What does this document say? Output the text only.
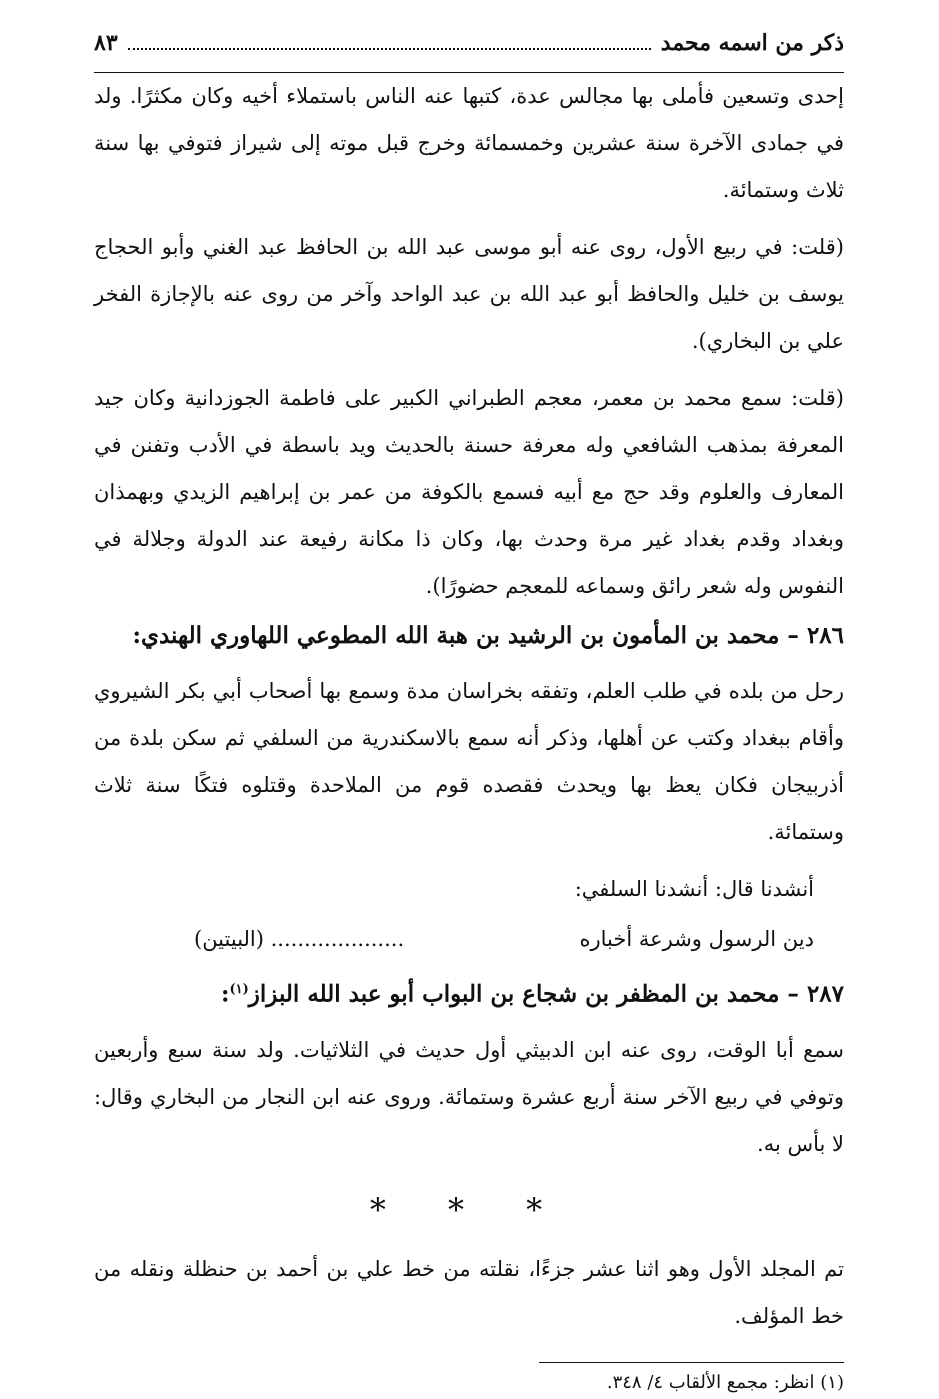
ذكر من اسمه محمد
٨٣

إحدى وتسعين فأملى بها مجالس عدة، كتبها عنه الناس باستملاء أخيه وكان مكثرًا. ولد في جمادى الآخرة سنة عشرين وخمسمائة وخرج قبل موته إلى شيراز فتوفي بها سنة ثلاث وستمائة.

(قلت: في ربيع الأول، روى عنه أبو موسى عبد الله بن الحافظ عبد الغني وأبو الحجاج يوسف بن خليل والحافظ أبو عبد الله بن عبد الواحد وآخر من روى عنه بالإجازة الفخر علي بن البخاري).

(قلت: سمع محمد بن معمر، معجم الطبراني الكبير على فاطمة الجوزدانية وكان جيد المعرفة بمذهب الشافعي وله معرفة حسنة بالحديث ويد باسطة في الأدب وتفنن في المعارف والعلوم وقد حج مع أبيه فسمع بالكوفة من عمر بن إبراهيم الزيدي وبهمذان وبغداد وقدم بغداد غير مرة وحدث بها، وكان ذا مكانة رفيعة عند الدولة وجلالة في النفوس وله شعر رائق وسماعه للمعجم حضورًا).

٢٨٦ – محمد بن المأمون بن الرشيد بن هبة الله المطوعي اللهاوري الهندي:

رحل من بلده في طلب العلم، وتفقه بخراسان مدة وسمع بها أصحاب أبي بكر الشيروي وأقام ببغداد وكتب عن أهلها، وذكر أنه سمع بالاسكندرية من السلفي ثم سكن بلدة من أذربيجان فكان يعظ بها ويحدث فقصده قوم من الملاحدة وقتلوه فتكًا سنة ثلاث وستمائة.

أنشدنا قال: أنشدنا السلفي:
دين الرسول وشرعة أخباره
.................... (البيتين)
٢٨٧ – محمد بن المظفر بن شجاع بن البواب أبو عبد الله البزاز$^{(١)}$:

سمع أبا الوقت، روى عنه ابن الدبيثي أول حديث في الثلاثيات. ولد سنة سبع وأربعين وتوفي في ربيع الآخر سنة أربع عشرة وستمائة. وروى عنه ابن النجار من البخاري وقال: لا بأس به.

* * *

تم المجلد الأول وهو اثنا عشر جزءًا، نقلته من خط علي بن أحمد بن حنظلة ونقله من خط المؤلف.

(١) انظر: مجمع الألقاب ٤/ ٣٤٨.
